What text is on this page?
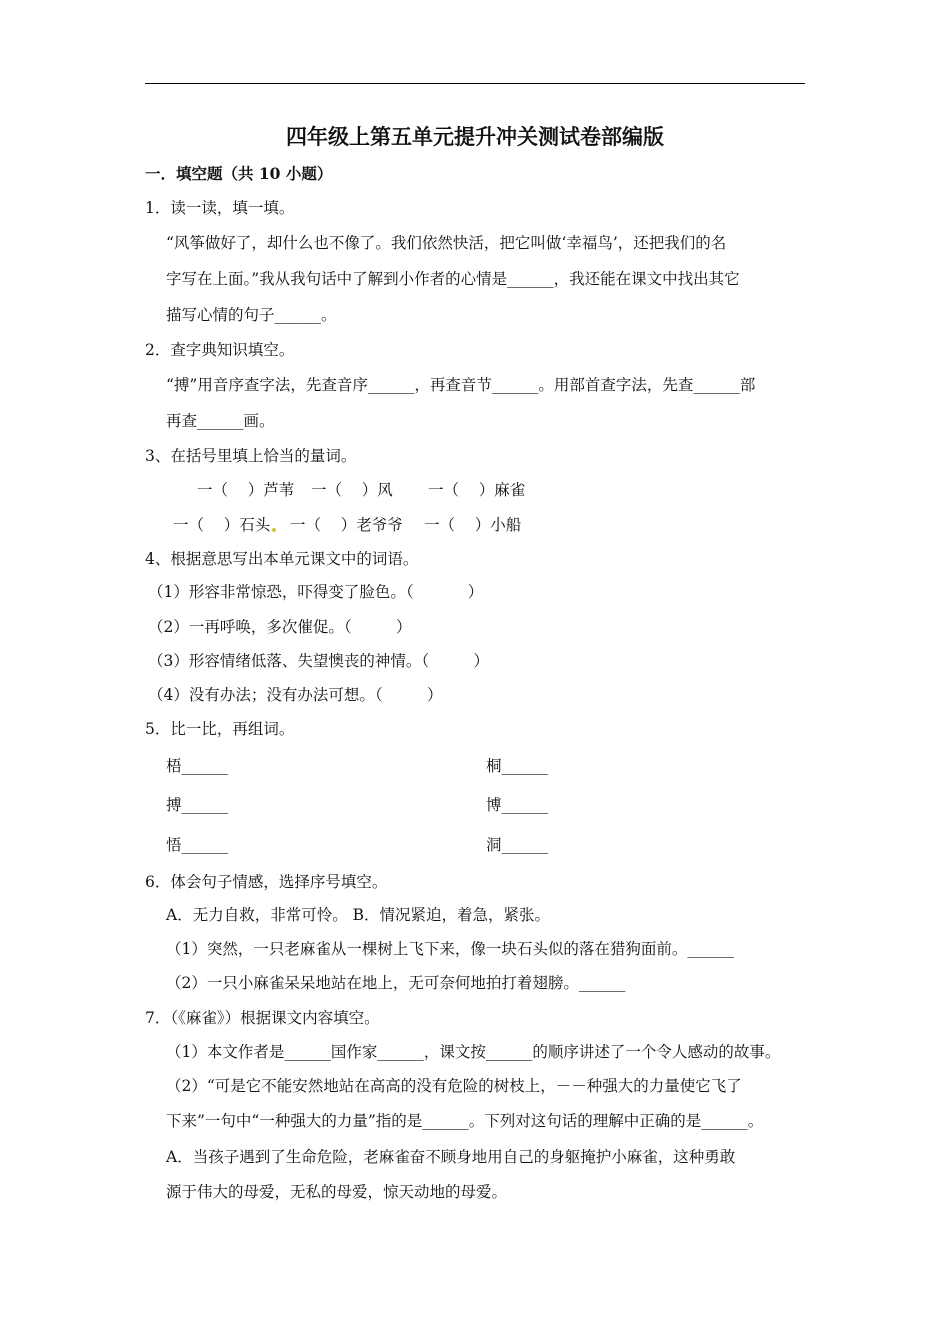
四年级上第五单元提升冲关测试卷部编版
一．填空题（共 10 小题）
1．读一读，填一填。
“风筝做好了，却什么也不像了。我们依然快活，把它叫做‘幸福鸟’，还把我们的名
字写在上面。”我从我句话中了解到小作者的心情是______，我还能在课文中找出其它
描写心情的句子______。
2．查字典知识填空。
“搏”用音序查字法，先查音序______，再查音节______。用部首查字法，先查______部
再查______画。
3、在括号里填上恰当的量词。
一（    ）芦苇 一（    ）风 一（    ）麻雀
一（    ）石头 一（    ）老爷爷 一（    ）小船
4、根据意思写出本单元课文中的词语。
（1）形容非常惊恐，吓得变了脸色。（           ）
（2）一再呼唤，多次催促。（         ）
（3）形容情绪低落、失望懊丧的神情。（         ）
（4）没有办法；没有办法可想。（         ）
5．比一比，再组词。
梧______	桐______
搏______	博______
悟______	洞______
6．体会句子情感，选择序号填空。
A．无力自救，非常可怜。 B．情况紧迫，着急，紧张。
（1）突然，一只老麻雀从一棵树上飞下来，像一块石头似的落在猎狗面前。______
（2）一只小麻雀呆呆地站在地上，无可奈何地拍打着翅膀。______
7．（《麻雀》）根据课文内容填空。
（1）本文作者是______国作家______，课文按______的顺序讲述了一个令人感动的故事。
（2）“可是它不能安然地站在高高的没有危险的树枝上，－－种强大的力量使它飞了
下来”一句中“一种强大的力量”指的是______。下列对这句话的理解中正确的是______。
A．当孩子遇到了生命危险，老麻雀奋不顾身地用自己的身躯掩护小麻雀，这种勇敢
源于伟大的母爱，无私的母爱，惊天动地的母爱。
